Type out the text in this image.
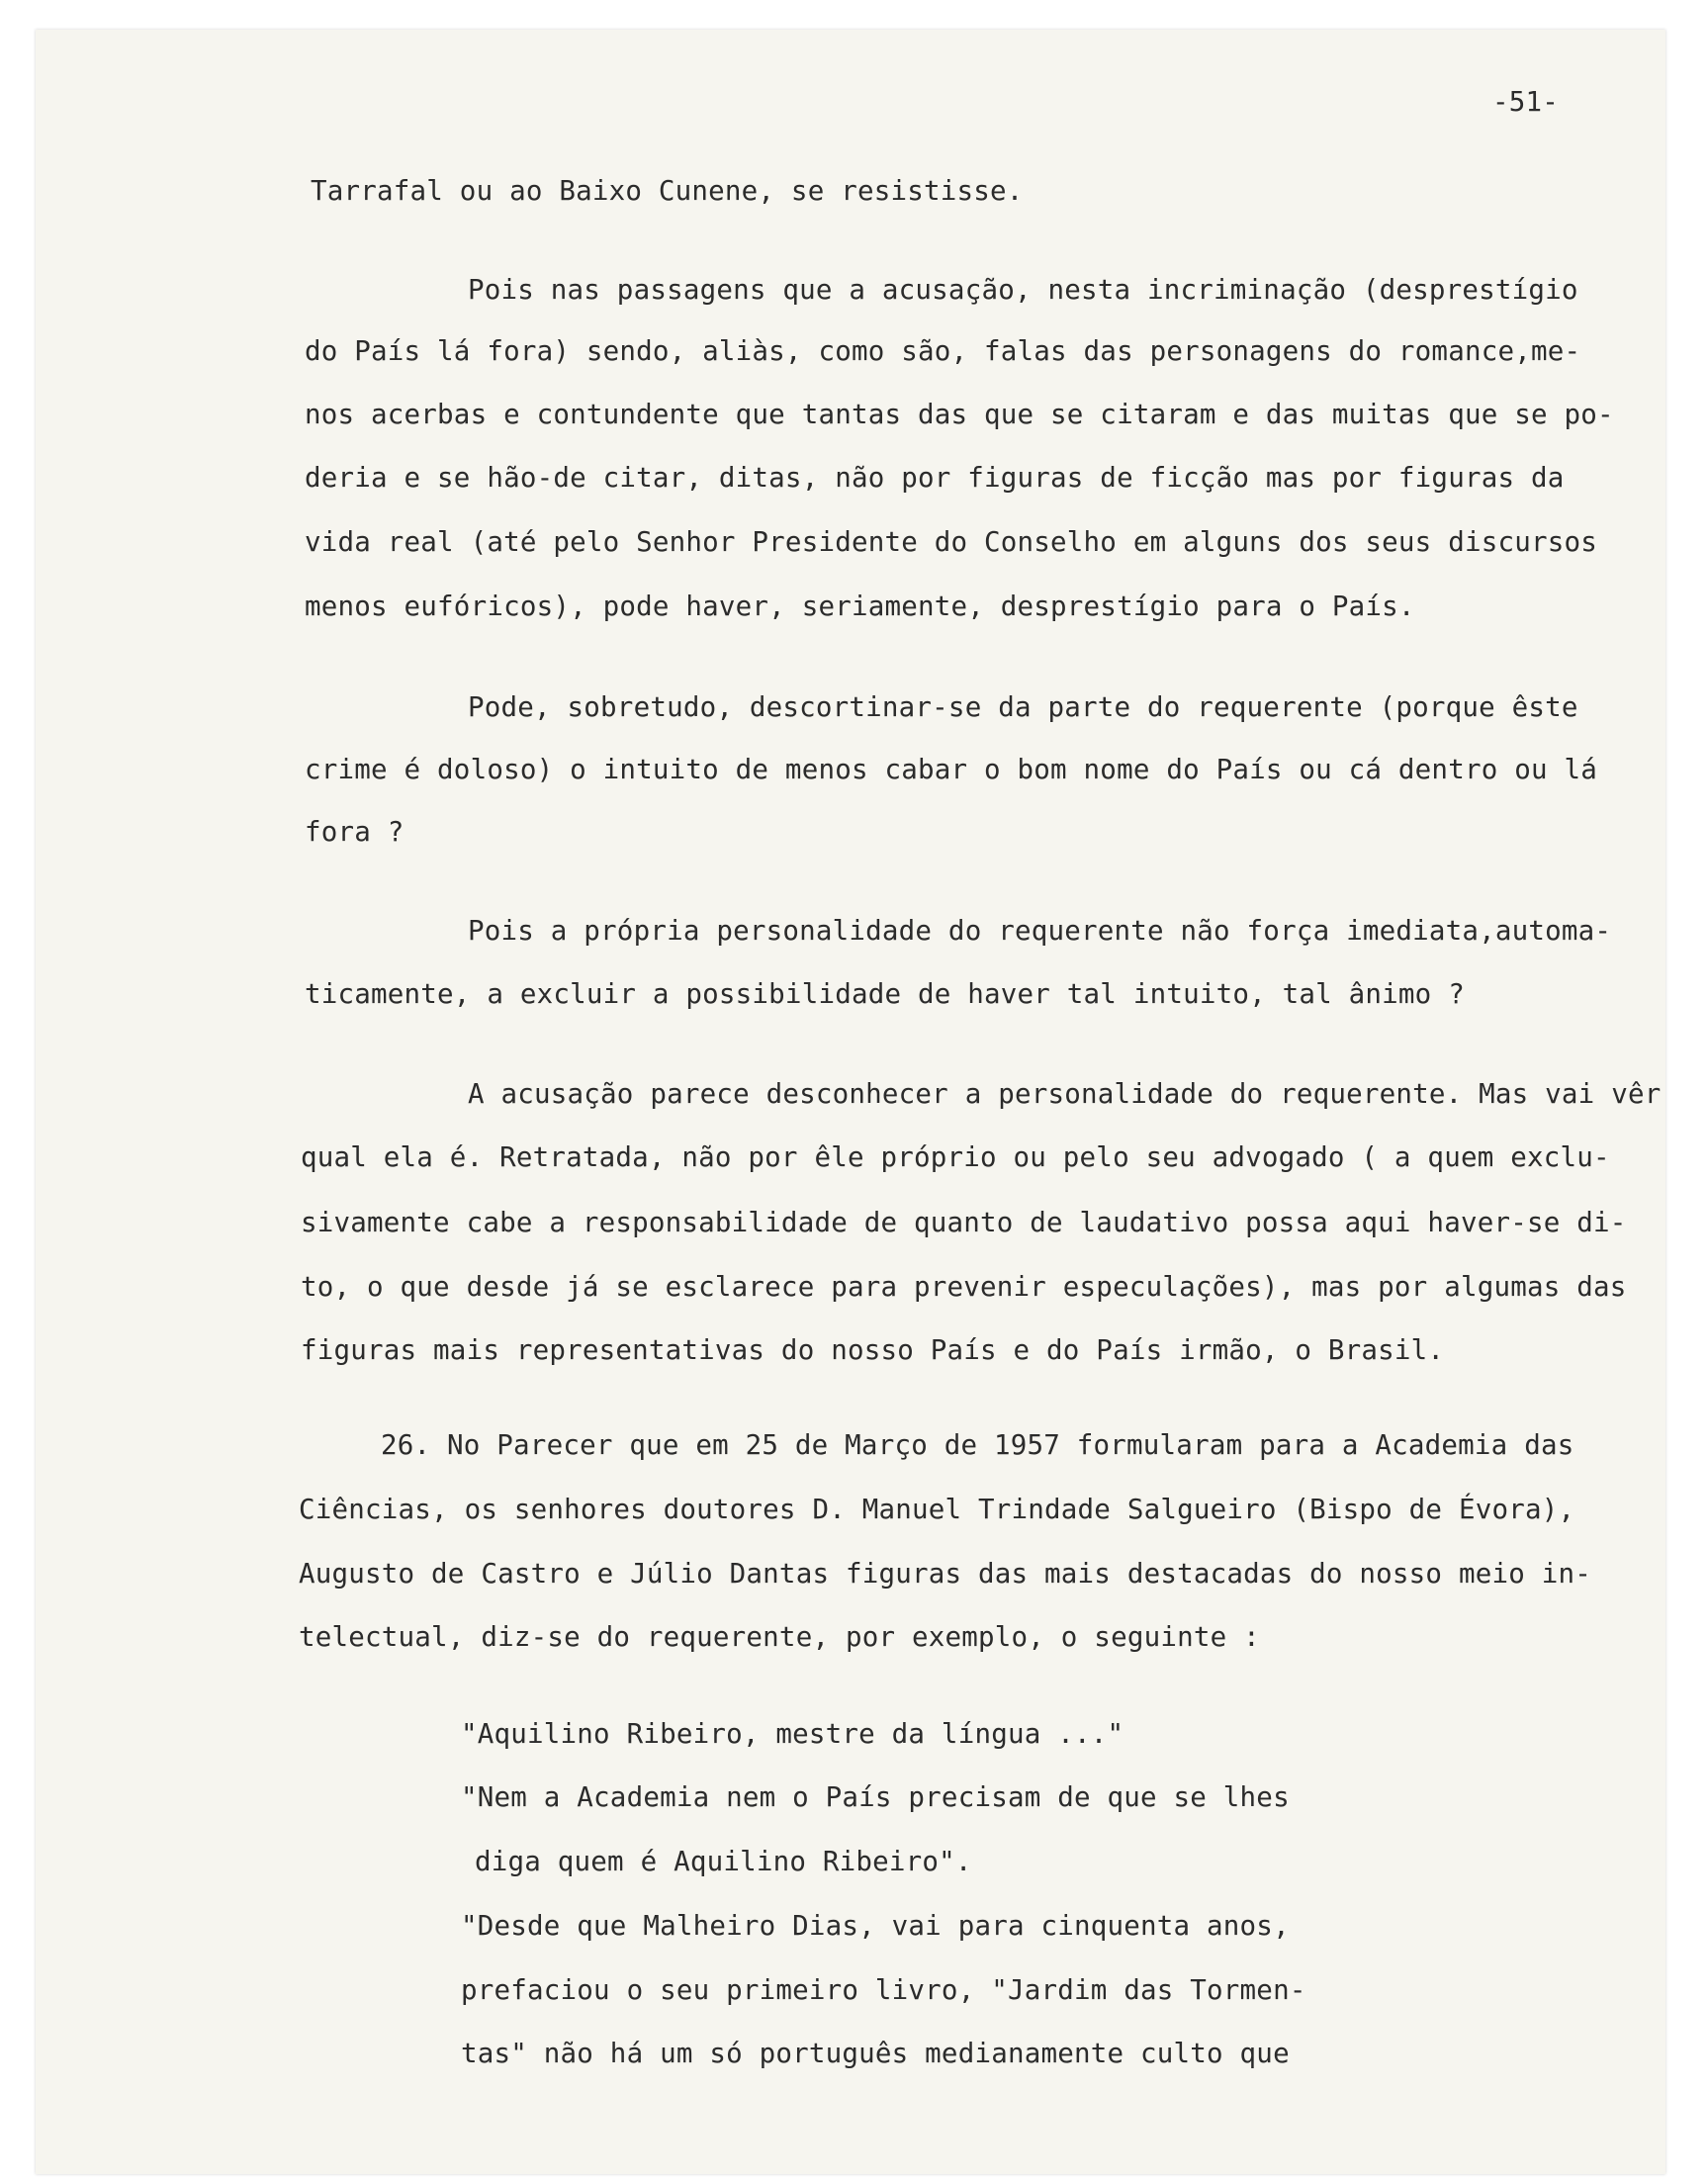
-51-
Tarrafal ou ao Baixo Cunene, se resistisse.
Pois nas passagens que a acusação, nesta incriminação (desprestígio
do País lá fora) sendo, aliàs, como são, falas das personagens do romance,me-
nos acerbas e contundente que tantas das que se citaram e das muitas que se po-
deria e se hão-de citar, ditas, não por figuras de ficção mas por figuras da
vida real (até pelo Senhor Presidente do Conselho em alguns dos seus discursos
menos eufóricos), pode haver, seriamente, desprestígio para o País.
Pode, sobretudo, descortinar-se da parte do requerente (porque êste
crime é doloso) o intuito de menos cabar o bom nome do País ou cá dentro ou lá
fora ?
Pois a própria personalidade do requerente não força imediata,automa-
ticamente, a excluir a possibilidade de haver tal intuito, tal ânimo ?
A acusação parece desconhecer a personalidade do requerente. Mas vai vêr
qual ela é. Retratada, não por êle próprio ou pelo seu advogado ( a quem exclu-
sivamente cabe a responsabilidade de quanto de laudativo possa aqui haver-se di-
to, o que desde já se esclarece para prevenir especulações), mas por algumas das
figuras mais representativas do nosso País e do País irmão, o Brasil.
26. No Parecer que em 25 de Março de 1957 formularam para a Academia das
Ciências, os senhores doutores D. Manuel Trindade Salgueiro (Bispo de Évora),
Augusto de Castro e Júlio Dantas figuras das mais destacadas do nosso meio in-
telectual, diz-se do requerente, por exemplo, o seguinte :
"Aquilino Ribeiro, mestre da língua ..."
"Nem a Academia nem o País precisam de que se lhes
diga quem é Aquilino Ribeiro".
"Desde que Malheiro Dias, vai para cinquenta anos,
prefaciou o seu primeiro livro, "Jardim das Tormen-
tas" não há um só português medianamente culto que
